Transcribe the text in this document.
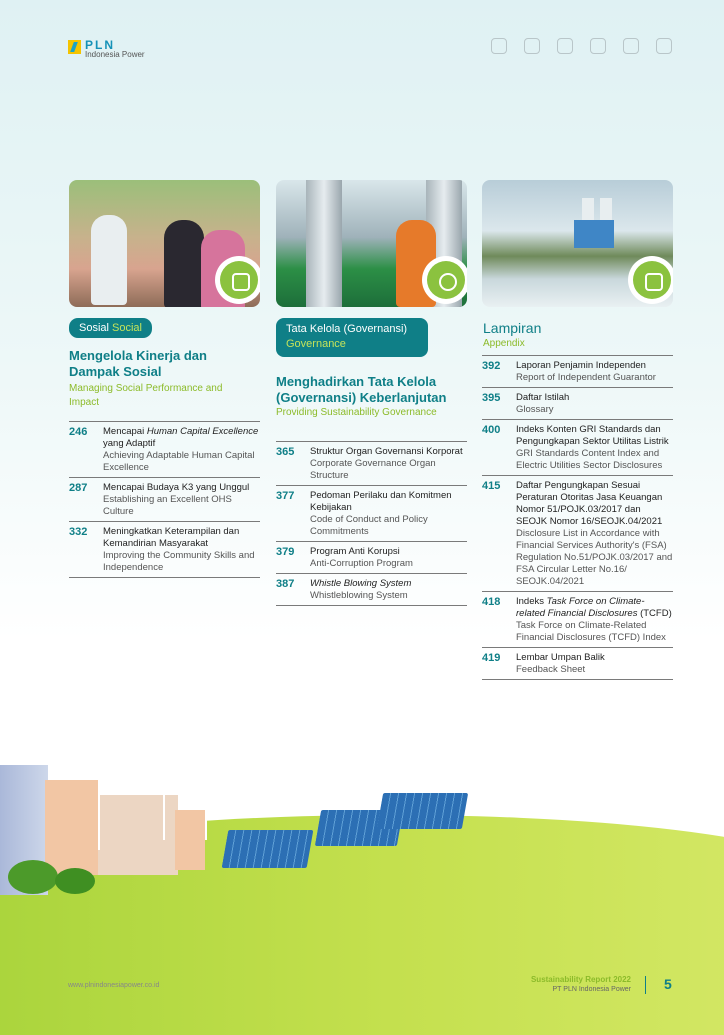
PLN
Indonesia Power
Sosial Social
Mengelola Kinerja dan Dampak Sosial
Managing Social Performance and Impact
246	Mencapai Human Capital Excellence yang Adaptif
Achieving Adaptable Human Capital Excellence
287	Mencapai Budaya K3 yang Unggul
Establishing an Excellent OHS Culture
332	Meningkatkan Keterampilan dan Kemandirian Masyarakat
Improving the Community Skills and Independence
Tata Kelola (Governansi)
Governance
Menghadirkan Tata Kelola (Governansi) Keberlanjutan
Providing Sustainability Governance
365	Struktur Organ Governansi Korporat
Corporate Governance Organ Structure
377	Pedoman Perilaku dan Komitmen Kebijakan
Code of Conduct and Policy Commitments
379	Program Anti Korupsi
Anti-Corruption Program
387	Whistle Blowing System
Whistleblowing System
Lampiran
Appendix
392	Laporan Penjamin Independen
Report of Independent Guarantor
395	Daftar Istilah
Glossary
400	Indeks Konten GRI Standards dan Pengungkapan Sektor Utilitas Listrik
GRI Standards Content Index and Electric Utilities Sector Disclosures
415	Daftar Pengungkapan Sesuai Peraturan Otoritas Jasa Keuangan Nomor 51/POJK.03/2017 dan SEOJK Nomor 16/SEOJK.04/2021
Disclosure List in Accordance with Financial Services Authority's (FSA) Regulation No.51/POJK.03/2017 and FSA Circular Letter No.16/ SEOJK.04/2021
418	Indeks Task Force on Climate-related Financial Disclosures (TCFD)
Task Force on Climate-Related Financial Disclosures (TCFD) Index
419	Lembar Umpan Balik
Feedback Sheet
www.plnindonesiapower.co.id
Sustainability Report 2022
PT PLN Indonesia Power 5
